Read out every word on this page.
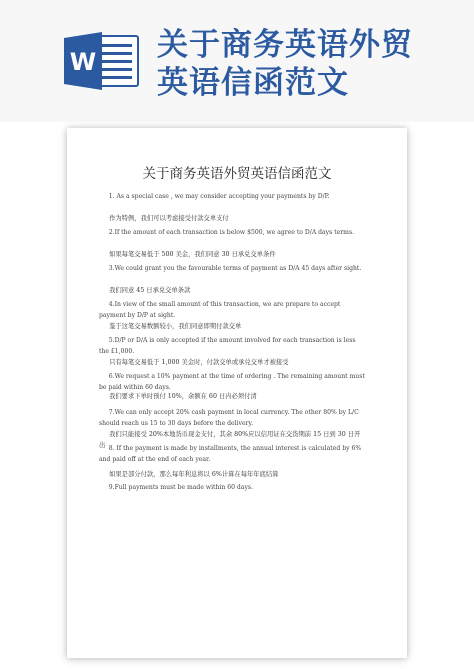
W 关于商务英语外贸
英语信函范文
关于商务英语外贸英语信函范文
1. As a special case , we may consider accepting your payments by D/P.
作为特例，我们可以考虑接受付款交单支付
2.If the amount of each transaction is below $500, we agree to D/A days terms.
如果每笔交易低于 500 美金，我们同意 30 日承兑交单条件
3.We could grant you the favourable terms of payment as D/A 45 days after sight.
我们同意 45 日承兑交单条款
4.In view of the small amount of this transaction, we are prepare to accept payment by D/P at sight.
鉴于这笔交易数额较小，我们同意即期付款交单
5.D/P or D/A is only accepted if the amount involved for each transaction is less the £1,000.
只有每笔交易低于 1,000 美金时，付款交单或承兑交单才被接受
6.We request a 10% payment at the time of ordering . The remaining amount must be paid within 60 days.
我们要求下单时预付 10%，余额在 60 日内必须付清
7.We can only accept 20% cash payment in local currency. The other 80% by L/C should reach us 15 to 30 days before the delivery.
我们只能接受 20%本地货币现金支付，其余 80%应以信用证在交货期前 15 日到 30 日开出 8. If the payment is made by installments, the annual interest is calculated by 6% and paid off at the end of each year.
如果是部分付款，那么每年利息将以 6%计算在每年年底结算
9.Full payments must be made within 60 days.
